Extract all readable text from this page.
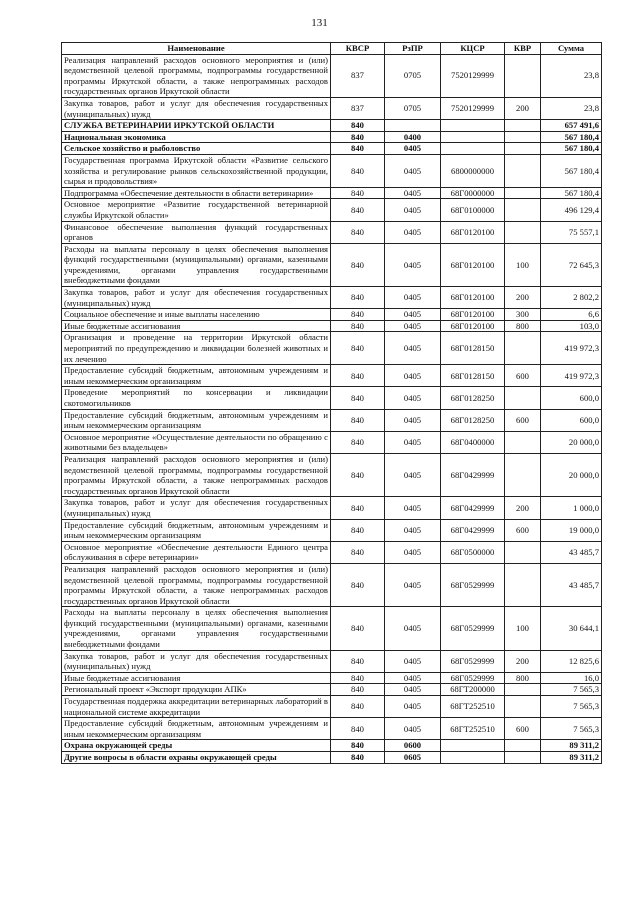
131
Наименование	КВСР	РзПР	КЦСР	КВР	Сумма
Реализация направлений расходов основного мероприятия и (или) ведомственной целевой программы, подпрограммы государственной программы Иркутской области, а также непрограммных расходов государственных органов Иркутской области	837	0705	7520129999		23,8
Закупка товаров, работ и услуг для обеспечения государственных (муниципальных) нужд	837	0705	7520129999	200	23,8
СЛУЖБА ВЕТЕРИНАРИИ ИРКУТСКОЙ ОБЛАСТИ	840				657 491,6
Национальная экономика	840	0400			567 180,4
Сельское хозяйство и рыболовство	840	0405			567 180,4
Государственная программа Иркутской области «Развитие сельского хозяйства и регулирование рынков сельскохозяйственной продукции, сырья и продовольствия»	840	0405	6800000000		567 180,4
Подпрограмма «Обеспечение деятельности в области ветеринарии»	840	0405	68Г0000000		567 180,4
Основное мероприятие «Развитие государственной ветеринарной службы Иркутской области»	840	0405	68Г0100000		496 129,4
Финансовое обеспечение выполнения функций государственных органов	840	0405	68Г0120100		75 557,1
Расходы на выплаты персоналу в целях обеспечения выполнения функций государственными (муниципальными) органами, казенными учреждениями, органами управления государственными внебюджетными фондами	840	0405	68Г0120100	100	72 645,3
Закупка товаров, работ и услуг для обеспечения государственных (муниципальных) нужд	840	0405	68Г0120100	200	2 802,2
Социальное обеспечение и иные выплаты населению	840	0405	68Г0120100	300	6,6
Иные бюджетные ассигнования	840	0405	68Г0120100	800	103,0
Организация и проведение на территории Иркутской области мероприятий по предупреждению и ликвидации болезней животных и их лечению	840	0405	68Г0128150		419 972,3
Предоставление субсидий бюджетным, автономным учреждениям и иным некоммерческим организациям	840	0405	68Г0128150	600	419 972,3
Проведение мероприятий по консервации и ликвидации скотомогильников	840	0405	68Г0128250		600,0
Предоставление субсидий бюджетным, автономным учреждениям и иным некоммерческим организациям	840	0405	68Г0128250	600	600,0
Основное мероприятие «Осуществление деятельности по обращению с животными без владельцев»	840	0405	68Г0400000		20 000,0
Реализация направлений расходов основного мероприятия и (или) ведомственной целевой программы, подпрограммы государственной программы Иркутской области, а также непрограммных расходов государственных органов Иркутской области	840	0405	68Г0429999		20 000,0
Закупка товаров, работ и услуг для обеспечения государственных (муниципальных) нужд	840	0405	68Г0429999	200	1 000,0
Предоставление субсидий бюджетным, автономным учреждениям и иным некоммерческим организациям	840	0405	68Г0429999	600	19 000,0
Основное мероприятие «Обеспечение деятельности Единого центра обслуживания в сфере ветеринарии»	840	0405	68Г0500000		43 485,7
Реализация направлений расходов основного мероприятия и (или) ведомственной целевой программы, подпрограммы государственной программы Иркутской области, а также непрограммных расходов государственных органов Иркутской области	840	0405	68Г0529999		43 485,7
Расходы на выплаты персоналу в целях обеспечения выполнения функций государственными (муниципальными) органами, казенными учреждениями, органами управления государственными внебюджетными фондами	840	0405	68Г0529999	100	30 644,1
Закупка товаров, работ и услуг для обеспечения государственных (муниципальных) нужд	840	0405	68Г0529999	200	12 825,6
Иные бюджетные ассигнования	840	0405	68Г0529999	800	16,0
Региональный проект «Экспорт продукции АПК»	840	0405	68ГТ200000		7 565,3
Государственная поддержка аккредитации ветеринарных лабораторий в национальной системе аккредитации	840	0405	68ГТ252510		7 565,3
Предоставление субсидий бюджетным, автономным учреждениям и иным некоммерческим организациям	840	0405	68ГТ252510	600	7 565,3
Охрана окружающей среды	840	0600			89 311,2
Другие вопросы в области охраны окружающей среды	840	0605			89 311,2
